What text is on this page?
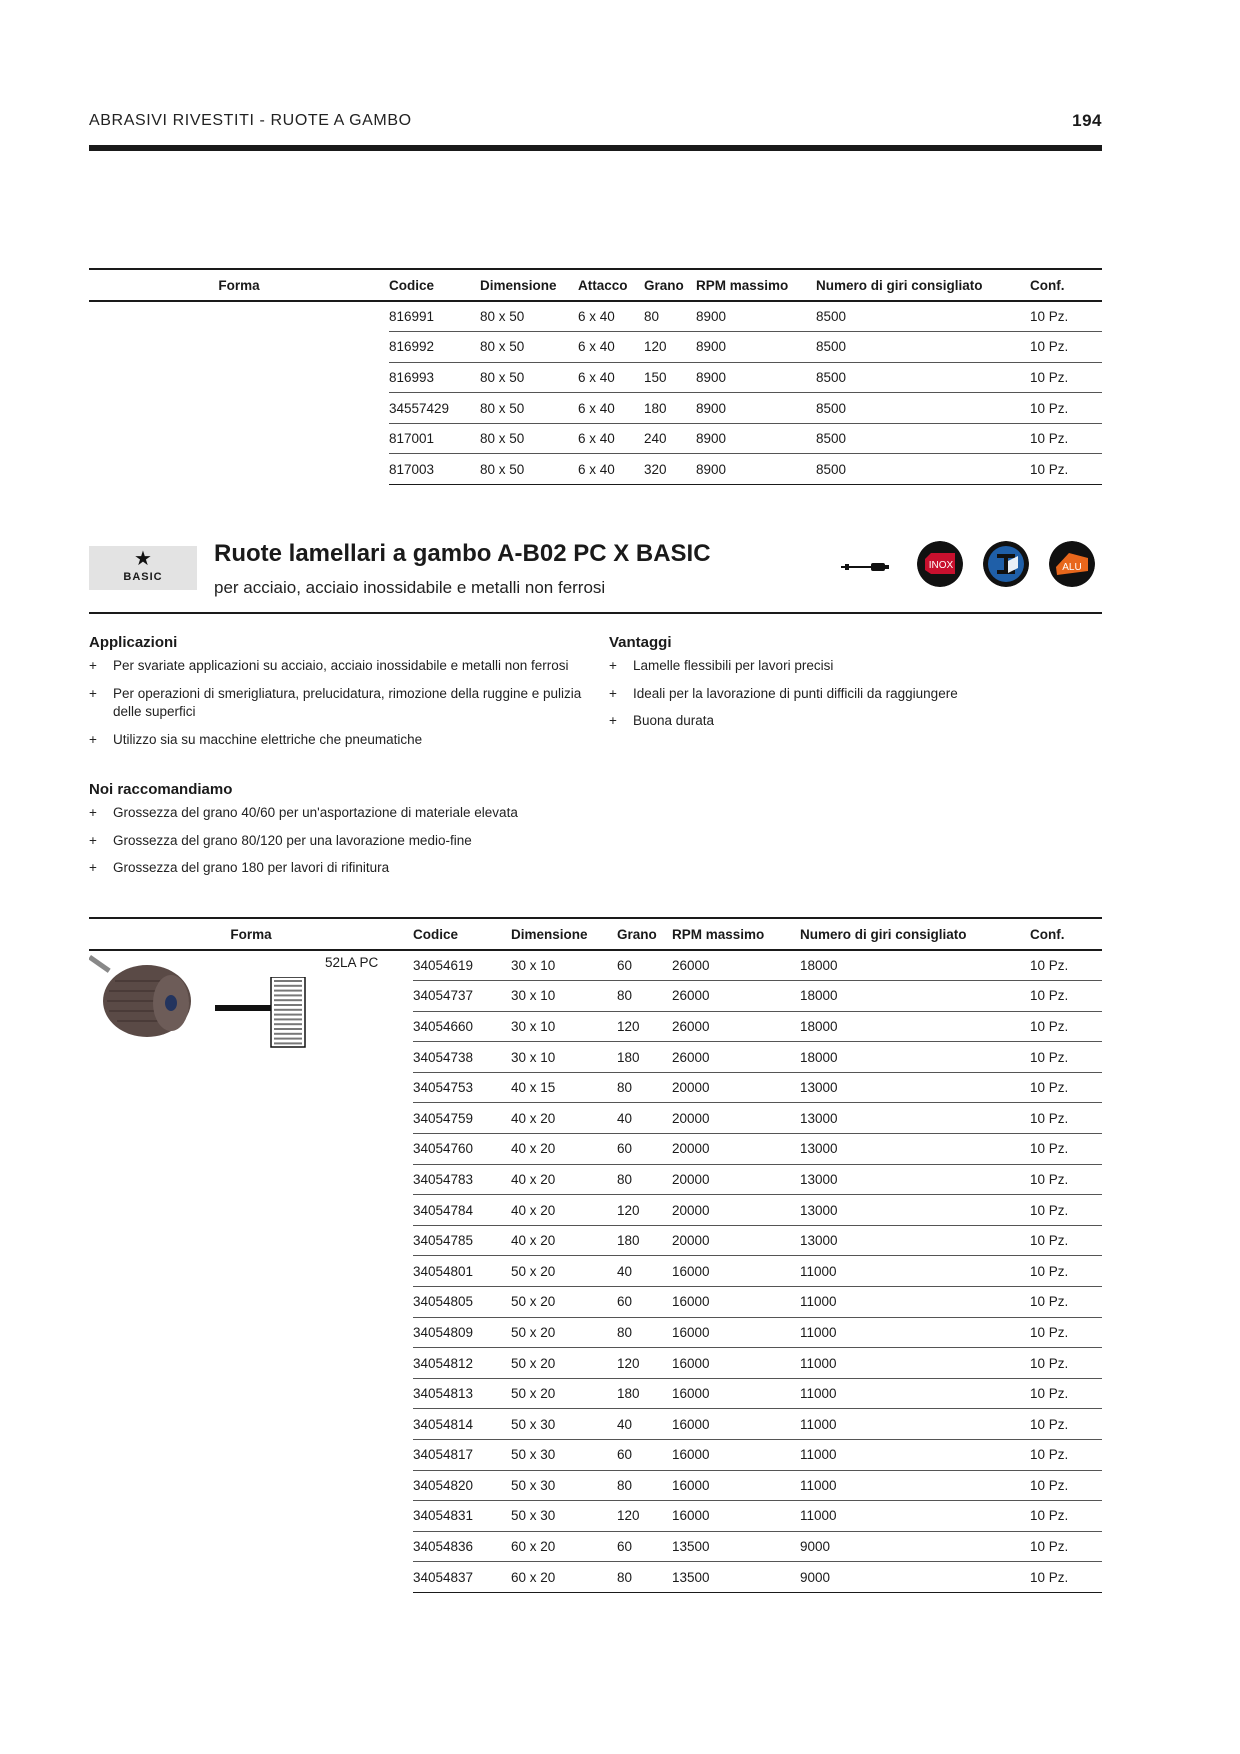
ABRASIVI RIVESTITI - RUOTE A GAMBO	194
Forma	Codice	Dimensione	Attacco	Grano	RPM massimo	Numero di giri consigliato	Conf.
	816991	80 x 50	6 x 40	80	8900	8500	10 Pz.
	816992	80 x 50	6 x 40	120	8900	8500	10 Pz.
	816993	80 x 50	6 x 40	150	8900	8500	10 Pz.
	34557429	80 x 50	6 x 40	180	8900	8500	10 Pz.
	817001	80 x 50	6 x 40	240	8900	8500	10 Pz.
	817003	80 x 50	6 x 40	320	8900	8500	10 Pz.
★
BASIC
Ruote lamellari a gambo A-B02 PC X BASIC
per acciaio, acciaio inossidabile e metalli non ferrosi
INOX	ALU
Applicazioni
+ Per svariate applicazioni su acciaio, acciaio inossidabile e metalli non ferrosi
+ Per operazioni di smerigliatura, prelucidatura, rimozione della ruggine e pulizia delle superfici
+ Utilizzo sia su macchine elettriche che pneumatiche
Noi raccomandiamo
+ Grossezza del grano 40/60 per un'asportazione di materiale elevata
+ Grossezza del grano 80/120 per una lavorazione medio-fine
+ Grossezza del grano 180 per lavori di rifinitura
Vantaggi
+ Lamelle flessibili per lavori precisi
+ Ideali per la lavorazione di punti difficili da raggiungere
+ Buona durata
Forma	Codice	Dimensione	Grano	RPM massimo	Numero di giri consigliato	Conf.

52LA PC	34054619	30 x 10	60	26000	18000	10 Pz.
	34054737	30 x 10	80	26000	18000	10 Pz.
	34054660	30 x 10	120	26000	18000	10 Pz.
	34054738	30 x 10	180	26000	18000	10 Pz.
	34054753	40 x 15	80	20000	13000	10 Pz.
	34054759	40 x 20	40	20000	13000	10 Pz.
	34054760	40 x 20	60	20000	13000	10 Pz.
	34054783	40 x 20	80	20000	13000	10 Pz.
	34054784	40 x 20	120	20000	13000	10 Pz.
	34054785	40 x 20	180	20000	13000	10 Pz.
	34054801	50 x 20	40	16000	11000	10 Pz.
	34054805	50 x 20	60	16000	11000	10 Pz.
	34054809	50 x 20	80	16000	11000	10 Pz.
	34054812	50 x 20	120	16000	11000	10 Pz.
	34054813	50 x 20	180	16000	11000	10 Pz.
	34054814	50 x 30	40	16000	11000	10 Pz.
	34054817	50 x 30	60	16000	11000	10 Pz.
	34054820	50 x 30	80	16000	11000	10 Pz.
	34054831	50 x 30	120	16000	11000	10 Pz.
	34054836	60 x 20	60	13500	9000	10 Pz.
	34054837	60 x 20	80	13500	9000	10 Pz.
